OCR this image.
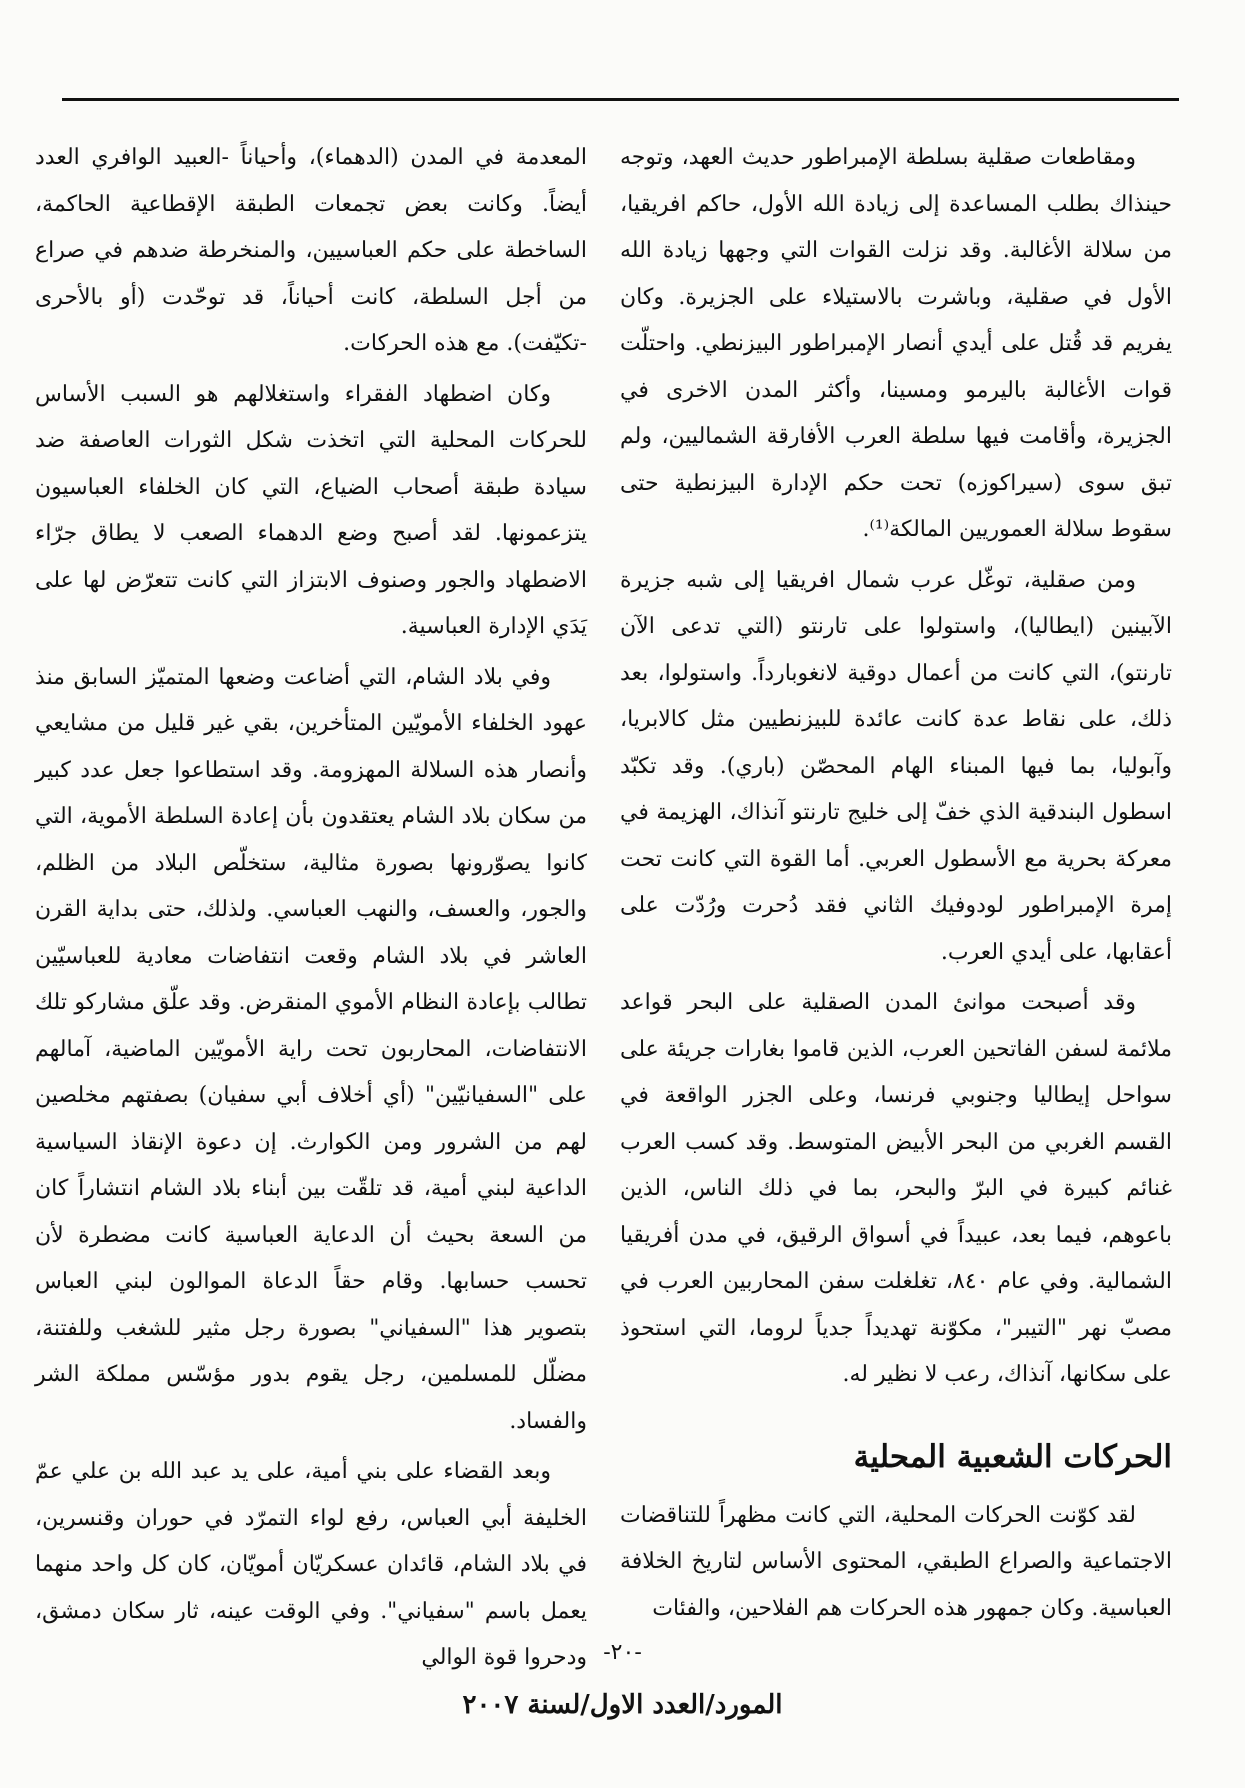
ومقاطعات صقلية بسلطة الإمبراطور حديث العهد، وتوجه حينذاك بطلب المساعدة إلى زيادة الله الأول، حاكم افريقيا، من سلالة الأغالبة. وقد نزلت القوات التي وجهها زيادة الله الأول في صقلية، وباشرت بالاستيلاء على الجزيرة. وكان يفريم قد قُتل على أيدي أنصار الإمبراطور البيزنطي. واحتلّت قوات الأغالبة باليرمو ومسينا، وأكثر المدن الاخرى في الجزيرة، وأقامت فيها سلطة العرب الأفارقة الشماليين، ولم تبق سوى (سيراكوزه) تحت حكم الإدارة البيزنطية حتى سقوط سلالة العموريين المالكة⁽¹⁾.

ومن صقلية، توغّل عرب شمال افريقيا إلى شبه جزيرة الآبينين (ايطاليا)، واستولوا على تارنتو (التي تدعى الآن تارنتو)، التي كانت من أعمال دوقية لانغوبارداً. واستولوا، بعد ذلك، على نقاط عدة كانت عائدة للبيزنطيين مثل كالابريا، وآبوليا، بما فيها المبناء الهام المحصّن (باري). وقد تكبّد اسطول البندقية الذي خفّ إلى خليج تارنتو آنذاك، الهزيمة في معركة بحرية مع الأسطول العربي. أما القوة التي كانت تحت إمرة الإمبراطور لودوفيك الثاني فقد دُحرت ورُدّت على أعقابها، على أيدي العرب.

وقد أصبحت موانئ المدن الصقلية على البحر قواعد ملائمة لسفن الفاتحين العرب، الذين قاموا بغارات جريئة على سواحل إيطاليا وجنوبي فرنسا، وعلى الجزر الواقعة في القسم الغربي من البحر الأبيض المتوسط. وقد كسب العرب غنائم كبيرة في البرّ والبحر، بما في ذلك الناس، الذين باعوهم، فيما بعد، عبيداً في أسواق الرقيق، في مدن أفريقيا الشمالية. وفي عام ٨٤٠، تغلغلت سفن المحاربين العرب في مصبّ نهر "التيبر"، مكوّنة تهديداً جدياً لروما، التي استحوذ على سكانها، آنذاك، رعب لا نظير له.

الحركات الشعبية المحلية

لقد كوّنت الحركات المحلية، التي كانت مظهراً للتناقضات الاجتماعية والصراع الطبقي، المحتوى الأساس لتاريخ الخلافة العباسية. وكان جمهور هذه الحركات هم الفلاحين، والفئات

المعدمة في المدن (الدهماء)، وأحياناً -العبيد الوافري العدد أيضاً. وكانت بعض تجمعات الطبقة الإقطاعية الحاكمة، الساخطة على حكم العباسيين، والمنخرطة ضدهم في صراع من أجل السلطة، كانت أحياناً، قد توحّدت (أو بالأحرى -تكيّفت). مع هذه الحركات.

وكان اضطهاد الفقراء واستغلالهم هو السبب الأساس للحركات المحلية التي اتخذت شكل الثورات العاصفة ضد سيادة طبقة أصحاب الضياع، التي كان الخلفاء العباسيون يتزعمونها. لقد أصبح وضع الدهماء الصعب لا يطاق جرّاء الاضطهاد والجور وصنوف الابتزاز التي كانت تتعرّض لها على يَدَي الإدارة العباسية.

وفي بلاد الشام، التي أضاعت وضعها المتميّز السابق منذ عهود الخلفاء الأمويّين المتأخرين، بقي غير قليل من مشايعي وأنصار هذه السلالة المهزومة. وقد استطاعوا جعل عدد كبير من سكان بلاد الشام يعتقدون بأن إعادة السلطة الأموية، التي كانوا يصوّرونها بصورة مثالية، ستخلّص البلاد من الظلم، والجور، والعسف، والنهب العباسي. ولذلك، حتى بداية القرن العاشر في بلاد الشام وقعت انتفاضات معادية للعباسيّين تطالب بإعادة النظام الأموي المنقرض. وقد علّق مشاركو تلك الانتفاضات، المحاربون تحت راية الأمويّين الماضية، آمالهم على "السفيانيّين" (أي أخلاف أبي سفيان) بصفتهم مخلصين لهم من الشرور ومن الكوارث. إن دعوة الإنقاذ السياسية الداعية لبني أمية، قد تلقّت بين أبناء بلاد الشام انتشاراً كان من السعة بحيث أن الدعاية العباسية كانت مضطرة لأن تحسب حسابها. وقام حقاً الدعاة الموالون لبني العباس بتصوير هذا "السفياني" بصورة رجل مثير للشغب وللفتنة، مضلّل للمسلمين، رجل يقوم بدور مؤسّس مملكة الشر والفساد.

وبعد القضاء على بني أمية، على يد عبد الله بن علي عمّ الخليفة أبي العباس، رفع لواء التمرّد في حوران وقنسرين، في بلاد الشام، قائدان عسكريّان أمويّان، كان كل واحد منهما يعمل باسم "سفياني". وفي الوقت عينه، ثار سكان دمشق، ودحروا قوة الوالي -٢٠-
المورد/العدد الاول/لسنة ٢٠٠٧
